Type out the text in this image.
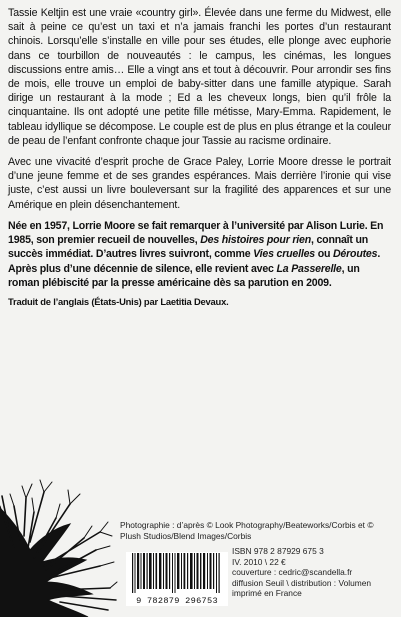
Tassie Keltjin est une vraie «country girl». Élevée dans une ferme du Midwest, elle sait à peine ce qu’est un taxi et n’a jamais franchi les portes d’un restaurant chinois. Lorsqu’elle s’installe en ville pour ses études, elle plonge avec euphorie dans ce tourbillon de nouveautés : le campus, les cinémas, les longues discussions entre amis… Elle a vingt ans et tout à découvrir. Pour arrondir ses fins de mois, elle trouve un emploi de baby-sitter dans une famille atypique. Sarah dirige un restaurant à la mode ; Ed a les cheveux longs, bien qu’il frôle la cinquantaine. Ils ont adopté une petite fille métisse, Mary-Emma. Rapidement, le tableau idyllique se décompose. Le couple est de plus en plus étrange et la couleur de peau de l’enfant confronte chaque jour Tassie au racisme ordinaire.
Avec une vivacité d’esprit proche de Grace Paley, Lorrie Moore dresse le portrait d’une jeune femme et de ses grandes espérances. Mais derrière l’ironie qui vise juste, c’est aussi un livre bouleversant sur la fragilité des apparences et sur une Amérique en plein désenchantement.
Née en 1957, Lorrie Moore se fait remarquer à l’université par Alison Lurie. En 1985, son premier recueil de nouvelles, Des histoires pour rien, connaît un succès immédiat. D’autres livres suivront, comme Vies cruelles ou Déroutes. Après plus d’une décennie de silence, elle revient avec La Passerelle, un roman plébiscité par la presse américaine dès sa parution en 2009.
Traduit de l’anglais (États-Unis) par Laetitia Devaux.
Photographie : d’après © Look Photography/Beateworks/Corbis et © Plush Studios/Blend Images/Corbis
9 782879 296753
ISBN 978 2 87929 675 3
IV. 2010 \ 22 €
couverture : cedric@scandella.fr
diffusion Seuil \ distribution : Volumen
imprimé en France
